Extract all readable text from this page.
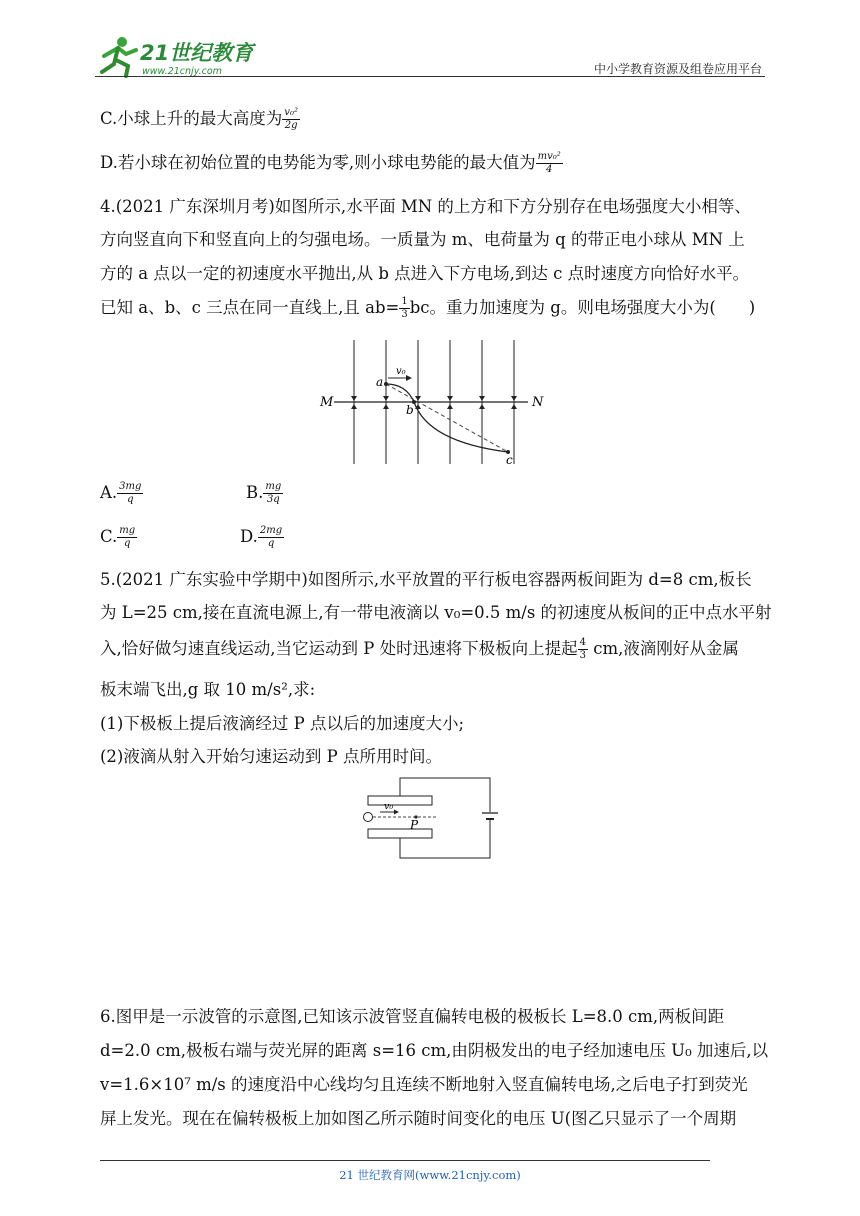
21世纪教育
www.21cnjy.com	中小学教育资源及组卷应用平台
C.小球上升的最大高度为 $\frac{\text{v₀²}}{2g}$
D.若小球在初始位置的电势能为零,则小球电势能的最大值为 $\frac{\text{mv₀²}}{4}$
4.(2021 广东深圳月考)如图所示,水平面 MN 的上方和下方分别存在电场强度大小相等、
方向竖直向下和竖直向上的匀强电场。一质量为 m、电荷量为 q 的带正电小球从 MN 上
方的 a 点以一定的初速度水平抛出,从 b 点进入下方电场,到达 c 点时速度方向恰好水平。
已知 a、b、c 三点在同一直线上,且 $ab= \frac{1}{3}$ bc。重力加速度为 g。则电场强度大小为(　　)
M	N
a
b
c
v₀
A. $\frac{3mg}{q}$	B. $\frac{mg}{3q}$
C. $\frac{mg}{q}$	D. $\frac{2mg}{q}$
5.(2021 广东实验中学期中)如图所示,水平放置的平行板电容器两板间距为 d=8 cm,板长
为 L=25 cm,接在直流电源上,有一带电液滴以 v₀=0.5 m/s 的初速度从板间的正中点水平射
入,恰好做匀速直线运动,当它运动到 P 处时迅速将下极板向上提起 $\frac{4}{3}$ cm,液滴刚好从金属
板末端飞出,g 取 10 m/s²,求:
(1)下极板上提后液滴经过 P 点以后的加速度大小;
(2)液滴从射入开始匀速运动到 P 点所用时间。
v₀
P
6.图甲是一示波管的示意图,已知该示波管竖直偏转电极的极板长 L=8.0 cm,两板间距
d=2.0 cm,极板右端与荧光屏的距离 s=16 cm,由阴极发出的电子经加速电压 U₀ 加速后,以
v=1.6×10⁷ m/s 的速度沿中心线均匀且连续不断地射入竖直偏转电场,之后电子打到荧光
屏上发光。现在在偏转极板上加如图乙所示随时间变化的电压 U(图乙只显示了一个周期
21 世纪教育网(www.21cnjy.com)
